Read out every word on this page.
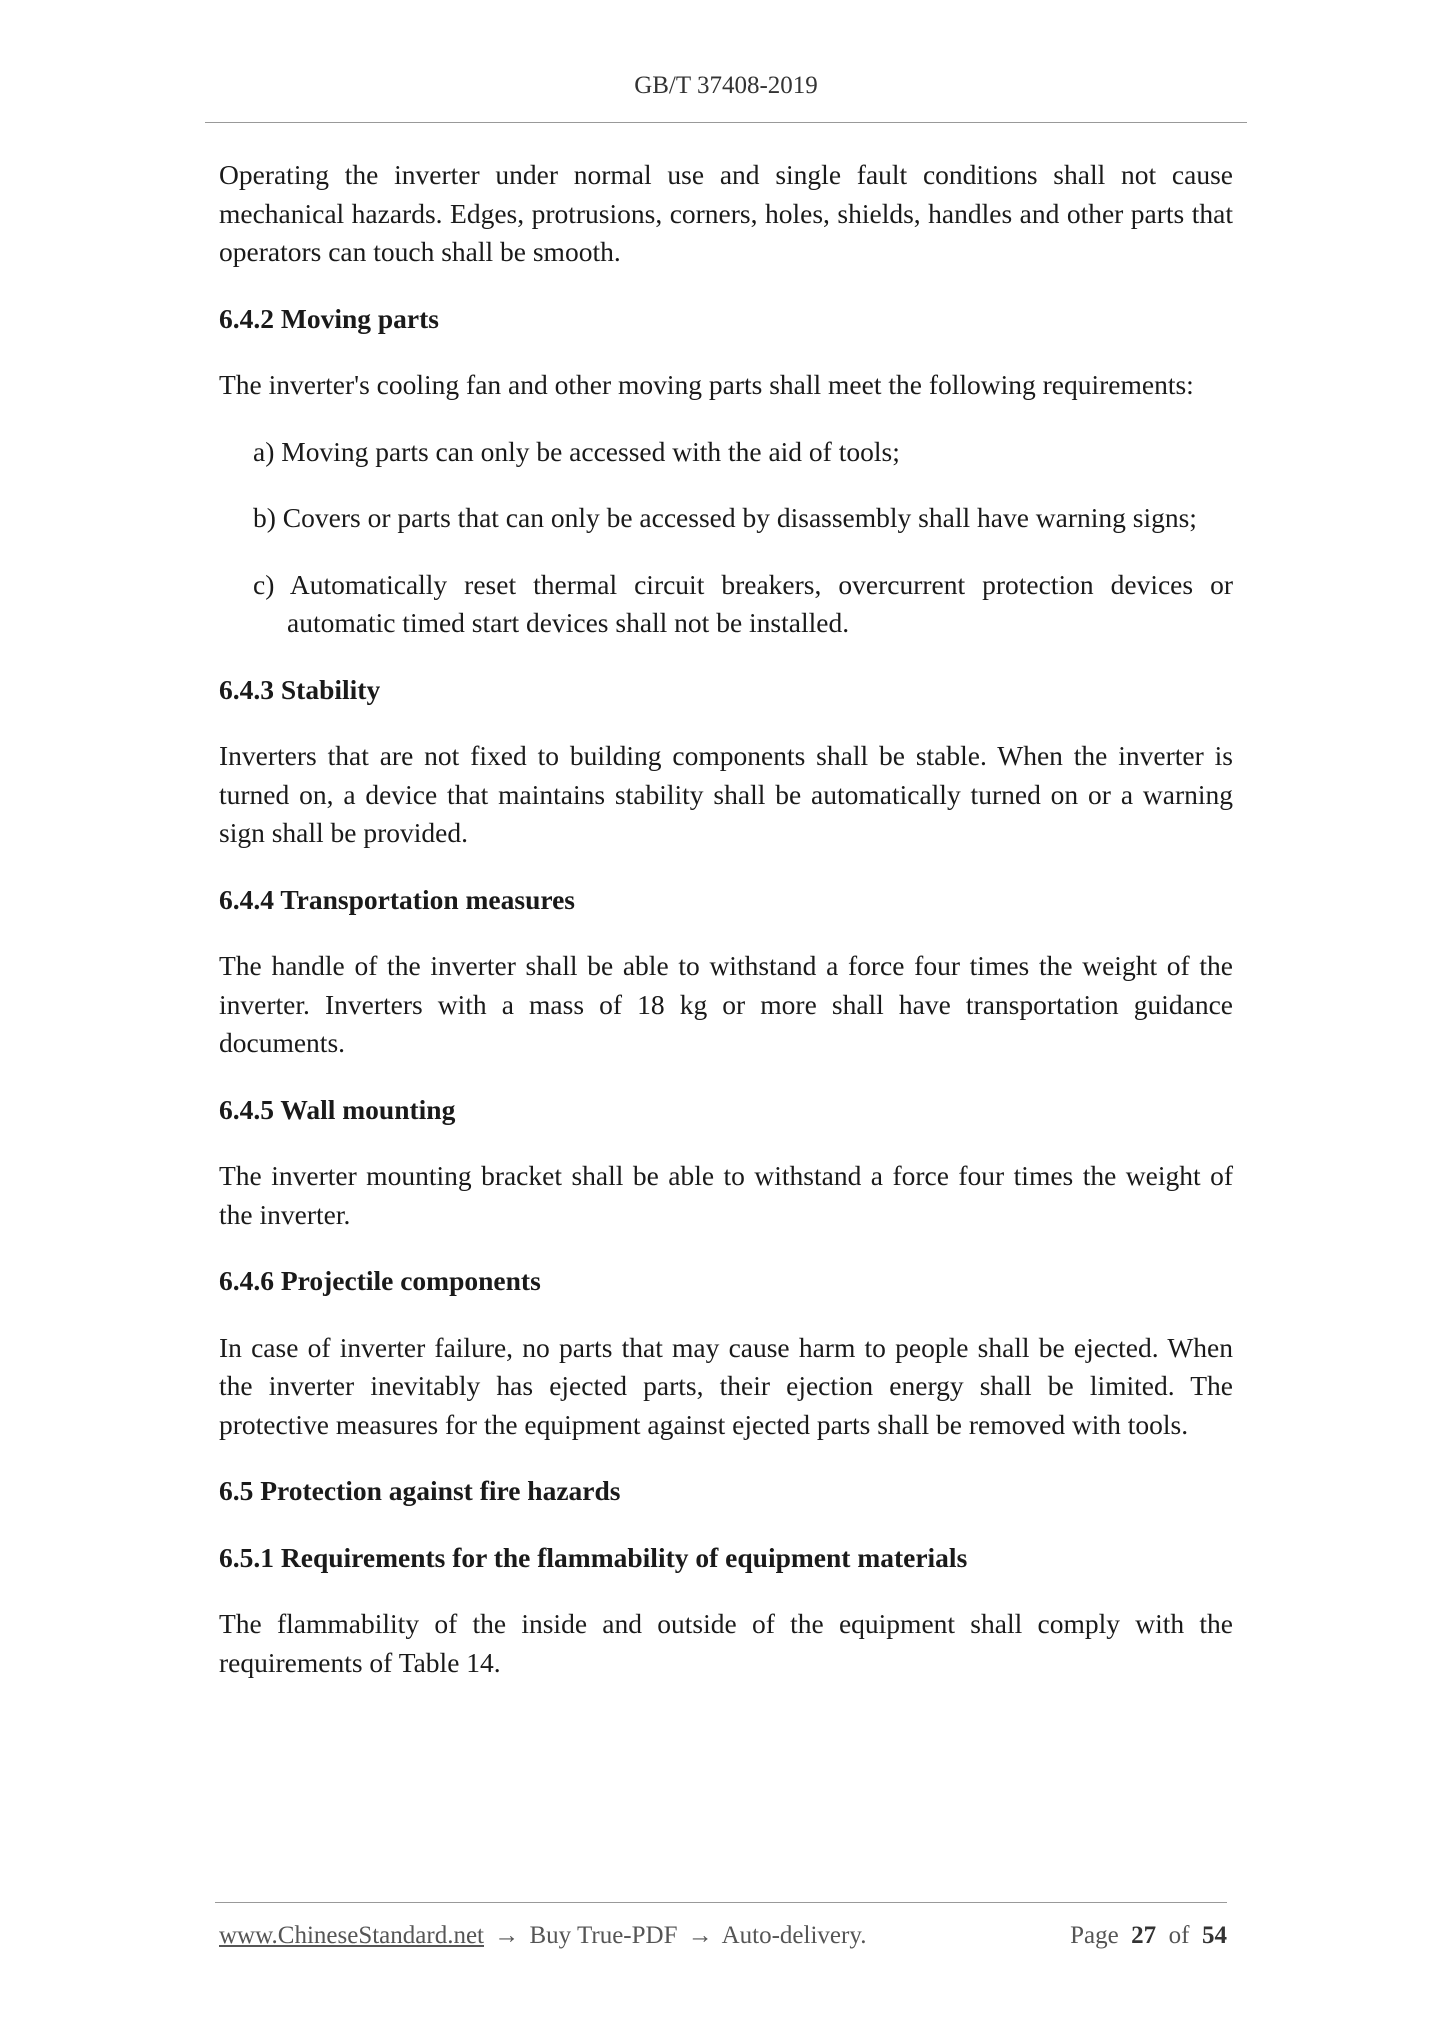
GB/T 37408-2019

Operating the inverter under normal use and single fault conditions shall not cause mechanical hazards. Edges, protrusions, corners, holes, shields, handles and other parts that operators can touch shall be smooth.

6.4.2 Moving parts

The inverter's cooling fan and other moving parts shall meet the following requirements:

a) Moving parts can only be accessed with the aid of tools;
b) Covers or parts that can only be accessed by disassembly shall have warning signs;
c) Automatically reset thermal circuit breakers, overcurrent protection devices or automatic timed start devices shall not be installed.
6.4.3 Stability

Inverters that are not fixed to building components shall be stable. When the inverter is turned on, a device that maintains stability shall be automatically turned on or a warning sign shall be provided.

6.4.4 Transportation measures

The handle of the inverter shall be able to withstand a force four times the weight of the inverter. Inverters with a mass of 18 kg or more shall have transportation guidance documents.

6.4.5 Wall mounting

The inverter mounting bracket shall be able to withstand a force four times the weight of the inverter.

6.4.6 Projectile components

In case of inverter failure, no parts that may cause harm to people shall be ejected. When the inverter inevitably has ejected parts, their ejection energy shall be limited. The protective measures for the equipment against ejected parts shall be removed with tools.

6.5 Protection against fire hazards
6.5.1 Requirements for the flammability of equipment materials

The flammability of the inside and outside of the equipment shall comply with the requirements of Table 14.

www.ChineseStandard.net → Buy True-PDF → Auto-delivery.	Page 27 of 54
